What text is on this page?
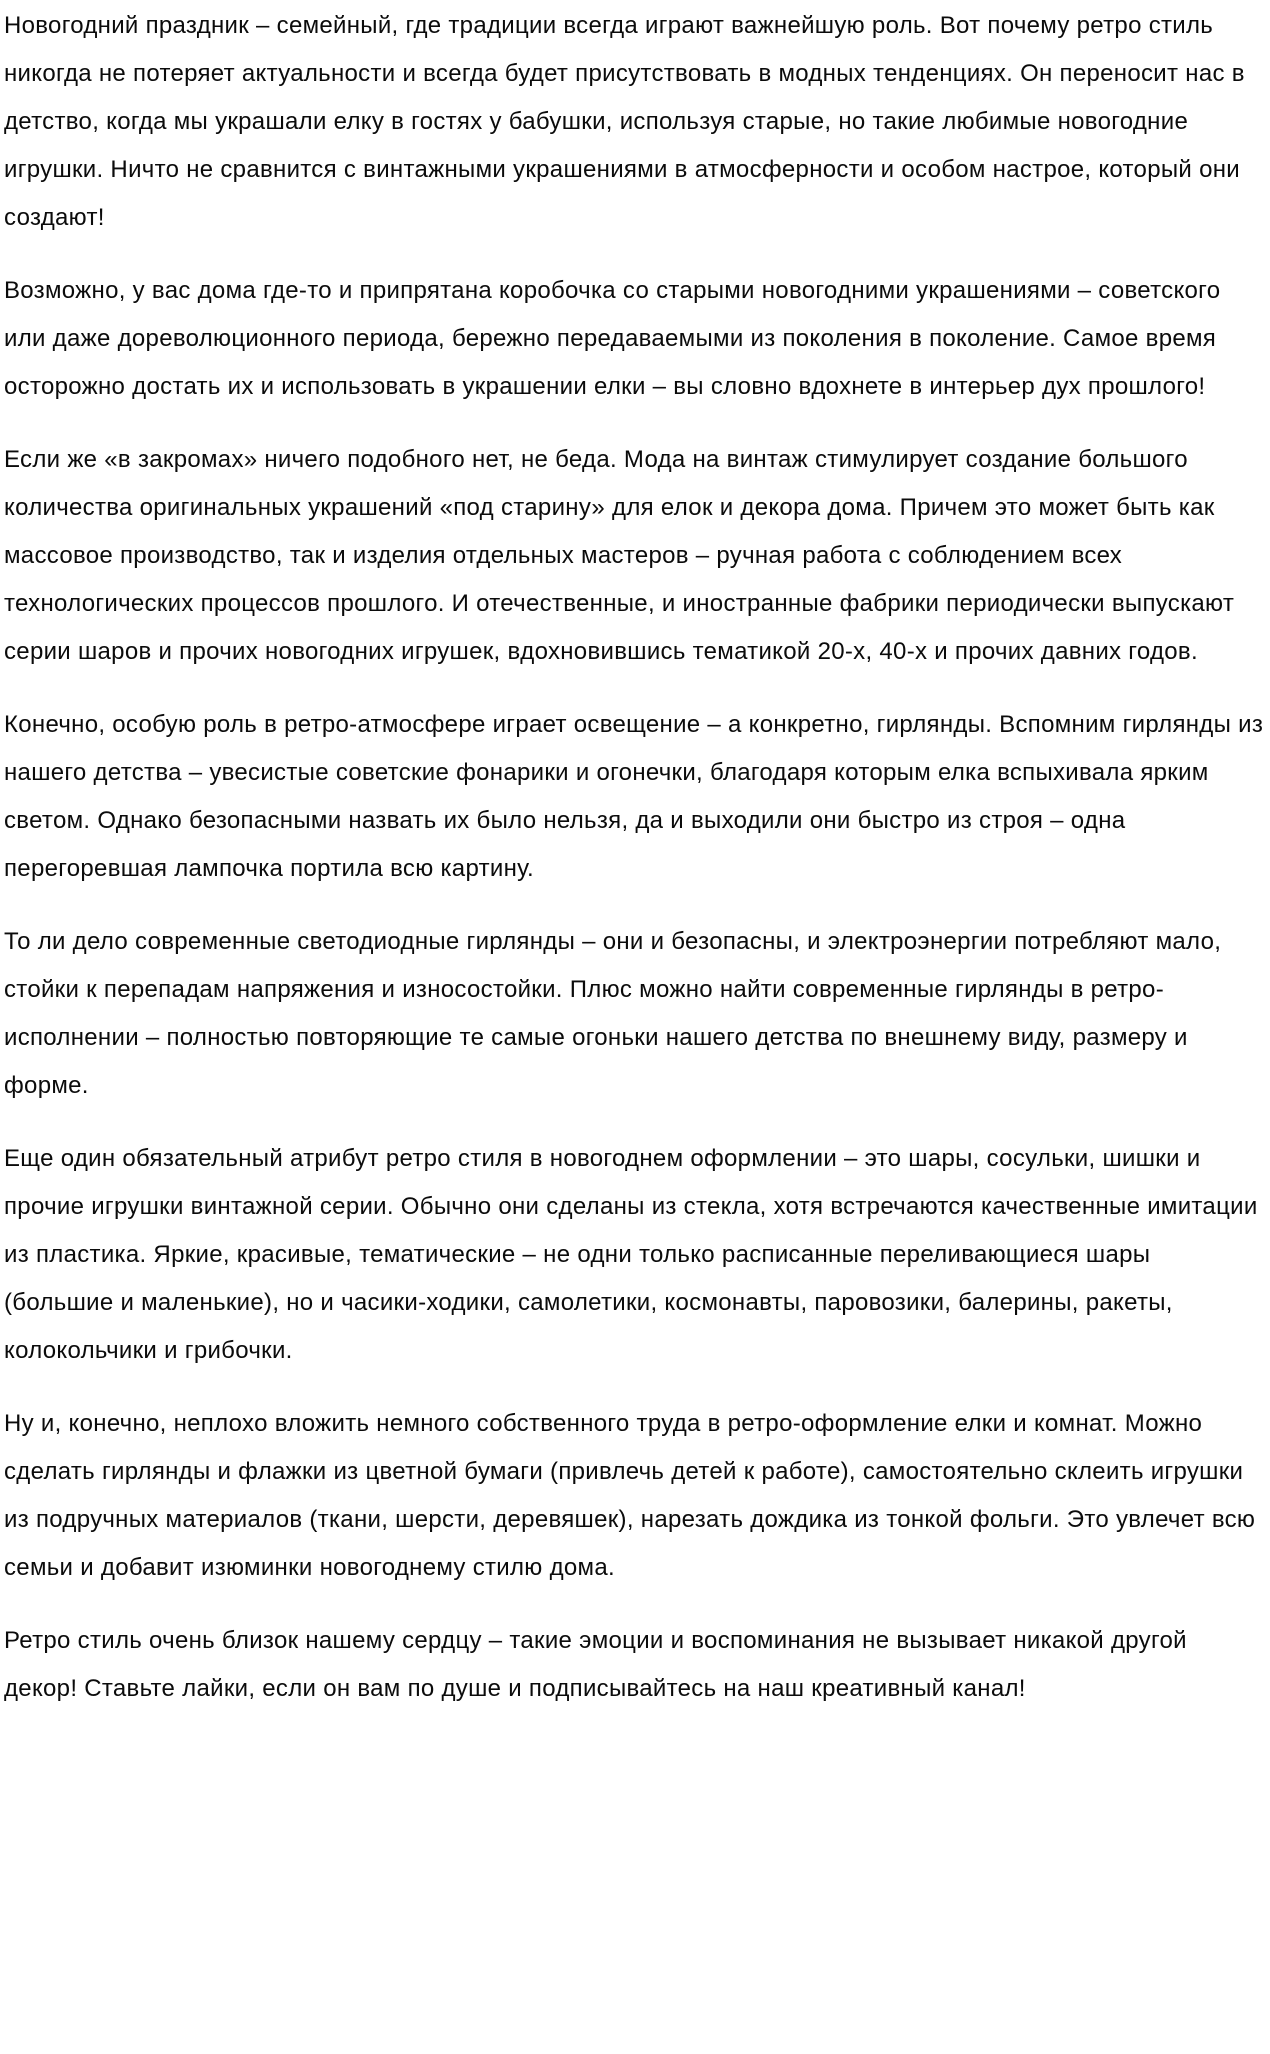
Новогодний праздник – семейный, где традиции всегда играют важнейшую роль. Вот почему ретро стиль никогда не потеряет актуальности и всегда будет присутствовать в модных тенденциях. Он переносит нас в детство, когда мы украшали елку в гостях у бабушки, используя старые, но такие любимые новогодние игрушки. Ничто не сравнится с винтажными украшениями в атмосферности и особом настрое, который они создают!

Возможно, у вас дома где-то и припрятана коробочка со старыми новогодними украшениями – советского или даже дореволюционного периода, бережно передаваемыми из поколения в поколение. Самое время осторожно достать их и использовать в украшении елки – вы словно вдохнете в интерьер дух прошлого!

Если же «в закромах» ничего подобного нет, не беда. Мода на винтаж стимулирует создание большого количества оригинальных украшений «под старину» для елок и декора дома. Причем это может быть как массовое производство, так и изделия отдельных мастеров – ручная работа с соблюдением всех технологических процессов прошлого. И отечественные, и иностранные фабрики периодически выпускают серии шаров и прочих новогодних игрушек, вдохновившись тематикой 20-х, 40-х и прочих давних годов.

Конечно, особую роль в ретро-атмосфере играет освещение – а конкретно, гирлянды. Вспомним гирлянды из нашего детства – увесистые советские фонарики и огонечки, благодаря которым елка вспыхивала ярким светом. Однако безопасными назвать их было нельзя, да и выходили они быстро из строя – одна перегоревшая лампочка портила всю картину.

То ли дело современные светодиодные гирлянды – они и безопасны, и электроэнергии потребляют мало, стойки к перепадам напряжения и износостойки. Плюс можно найти современные гирлянды в ретро-исполнении – полностью повторяющие те самые огоньки нашего детства по внешнему виду, размеру и форме.

Еще один обязательный атрибут ретро стиля в новогоднем оформлении – это шары, сосульки, шишки и прочие игрушки винтажной серии. Обычно они сделаны из стекла, хотя встречаются качественные имитации из пластика. Яркие, красивые, тематические – не одни только расписанные переливающиеся шары (большие и маленькие), но и часики-ходики, самолетики, космонавты, паровозики, балерины, ракеты, колокольчики и грибочки.

Ну и, конечно, неплохо вложить немного собственного труда в ретро-оформление елки и комнат. Можно сделать гирлянды и флажки из цветной бумаги (привлечь детей к работе), самостоятельно склеить игрушки из подручных материалов (ткани, шерсти, деревяшек), нарезать дождика из тонкой фольги. Это увлечет всю семьи и добавит изюминки новогоднему стилю дома.

Ретро стиль очень близок нашему сердцу – такие эмоции и воспоминания не вызывает никакой другой декор! Ставьте лайки, если он вам по душе и подписывайтесь на наш креативный канал!
